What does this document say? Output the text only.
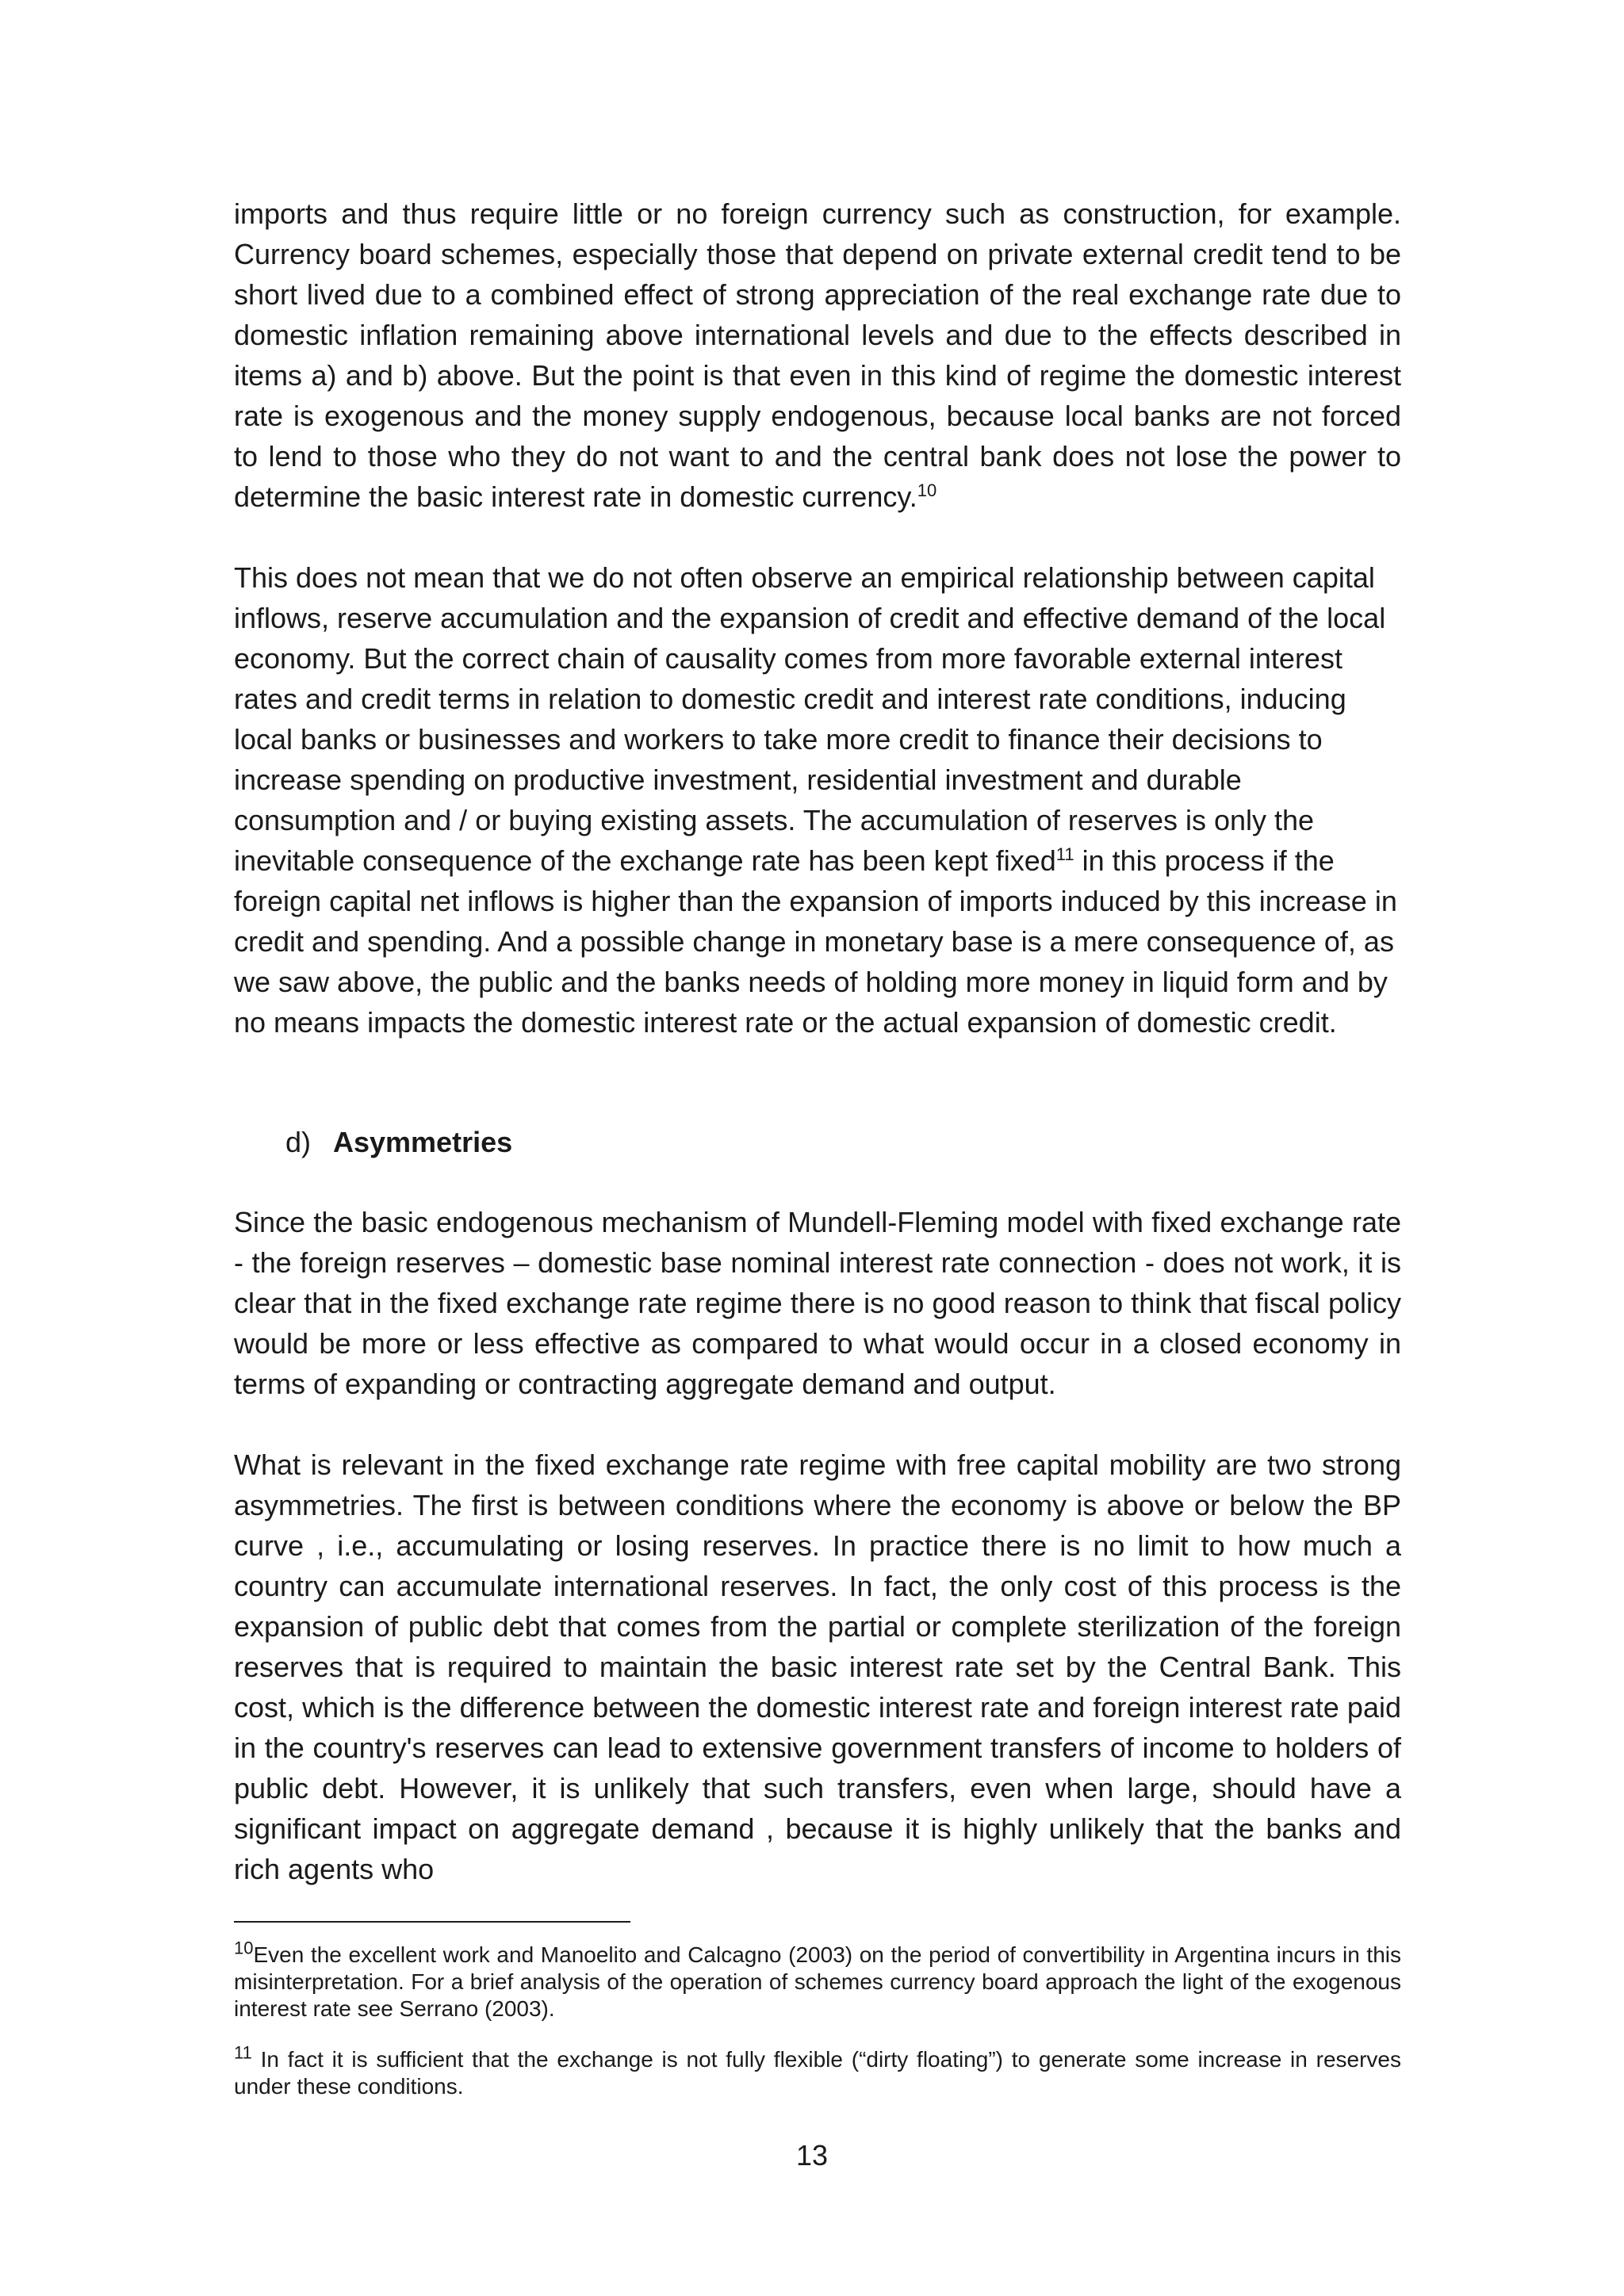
imports and thus require little or no foreign currency such as construction, for example. Currency board schemes, especially those that depend on private external credit tend to be short lived due to a combined effect of strong appreciation of the real exchange rate due to domestic inflation remaining above international levels and due to the effects described in items a) and b) above. But the point is that even in this kind of regime the domestic interest rate is exogenous and the money supply endogenous, because local banks are not forced to lend to those who they do not want to and the central bank does not lose the power to determine the basic interest rate in domestic currency.$^{10}$

This does not mean that we do not often observe an empirical relationship between capital inflows, reserve accumulation and the expansion of credit and effective demand of the local economy. But the correct chain of causality comes from more favorable external interest rates and credit terms in relation to domestic credit and interest rate conditions, inducing local banks or businesses and workers to take more credit to finance their decisions to increase spending on productive investment, residential investment and durable consumption and / or buying existing assets. The accumulation of reserves is only the inevitable consequence of the exchange rate has been kept fixed$^{11}$ in this process if the foreign capital net inflows is higher than the expansion of imports induced by this increase in credit and spending. And a possible change in monetary base is a mere consequence of, as we saw above, the public and the banks needs of holding more money in liquid form and by no means impacts the domestic interest rate or the actual expansion of domestic credit.

d) Asymmetries

Since the basic endogenous mechanism of Mundell-Fleming model with fixed exchange rate - the foreign reserves – domestic base nominal interest rate connection - does not work, it is clear that in the fixed exchange rate regime there is no good reason to think that fiscal policy would be more or less effective as compared to what would occur in a closed economy in terms of expanding or contracting aggregate demand and output.

What is relevant in the fixed exchange rate regime with free capital mobility are two strong asymmetries. The first is between conditions where the economy is above or below the BP curve , i.e., accumulating or losing reserves. In practice there is no limit to how much a country can accumulate international reserves. In fact, the only cost of this process is the expansion of public debt that comes from the partial or complete sterilization of the foreign reserves that is required to maintain the basic interest rate set by the Central Bank. This cost, which is the difference between the domestic interest rate and foreign interest rate paid in the country's reserves can lead to extensive government transfers of income to holders of public debt. However, it is unlikely that such transfers, even when large, should have a significant impact on aggregate demand , because it is highly unlikely that the banks and rich agents who

$^{10}$Even the excellent work and Manoelito and Calcagno (2003) on the period of convertibility in Argentina incurs in this misinterpretation. For a brief analysis of the operation of schemes currency board approach the light of the exogenous interest rate see Serrano (2003).
$^{11}$ In fact it is sufficient that the exchange is not fully flexible (“dirty floating”) to generate some increase in reserves under these conditions.
13
